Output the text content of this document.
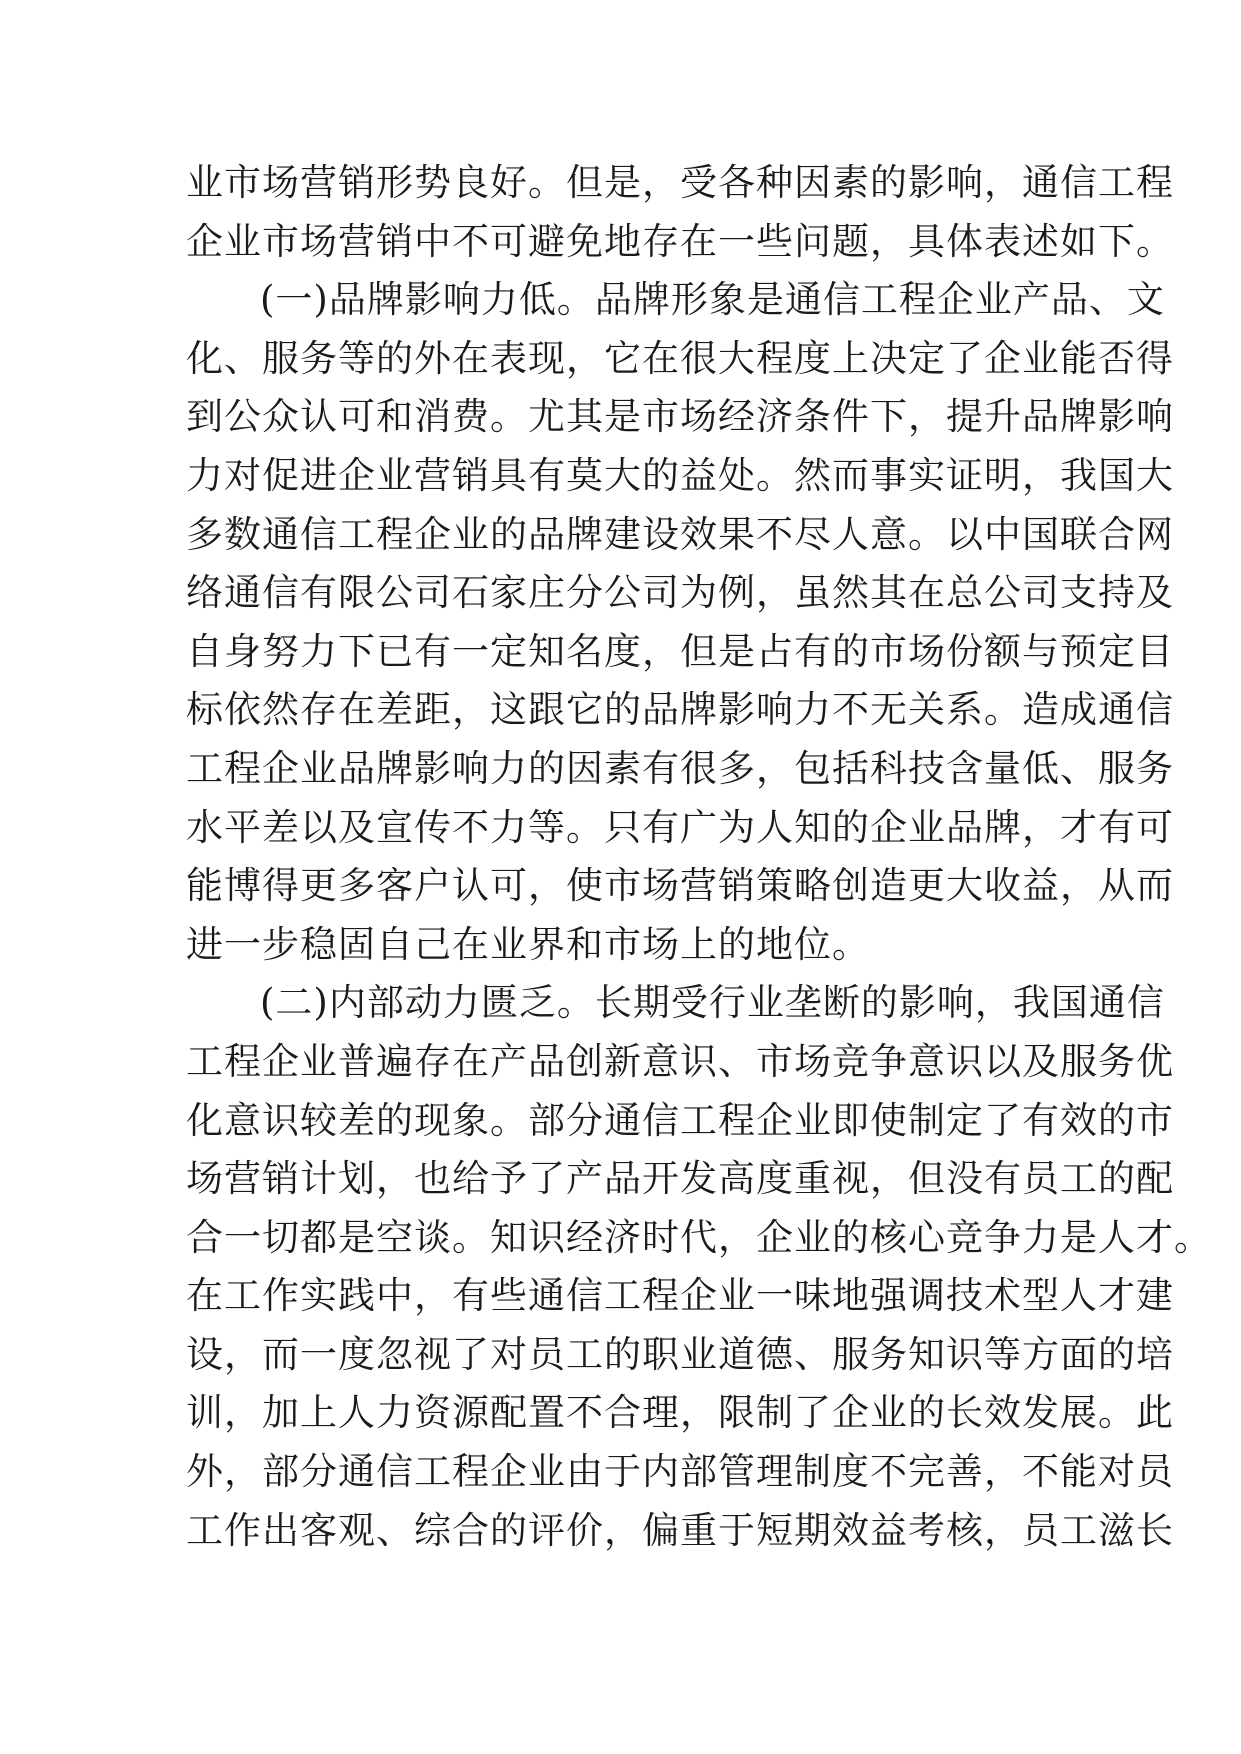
业市场营销形势良好。但是，受各种因素的影响，通信工程
企业市场营销中不可避免地存在一些问题，具体表述如下。
(一)品牌影响力低。品牌形象是通信工程企业产品、文
化、服务等的外在表现，它在很大程度上决定了企业能否得
到公众认可和消费。尤其是市场经济条件下，提升品牌影响
力对促进企业营销具有莫大的益处。然而事实证明，我国大
多数通信工程企业的品牌建设效果不尽人意。以中国联合网
络通信有限公司石家庄分公司为例，虽然其在总公司支持及
自身努力下已有一定知名度，但是占有的市场份额与预定目
标依然存在差距，这跟它的品牌影响力不无关系。造成通信
工程企业品牌影响力的因素有很多，包括科技含量低、服务
水平差以及宣传不力等。只有广为人知的企业品牌，才有可
能博得更多客户认可，使市场营销策略创造更大收益，从而
进一步稳固自己在业界和市场上的地位。
(二)内部动力匮乏。长期受行业垄断的影响，我国通信
工程企业普遍存在产品创新意识、市场竞争意识以及服务优
化意识较差的现象。部分通信工程企业即使制定了有效的市
场营销计划，也给予了产品开发高度重视，但没有员工的配
合一切都是空谈。知识经济时代，企业的核心竞争力是人才。
在工作实践中，有些通信工程企业一味地强调技术型人才建
设，而一度忽视了对员工的职业道德、服务知识等方面的培
训，加上人力资源配置不合理，限制了企业的长效发展。此
外，部分通信工程企业由于内部管理制度不完善，不能对员
工作出客观、综合的评价，偏重于短期效益考核，员工滋长
